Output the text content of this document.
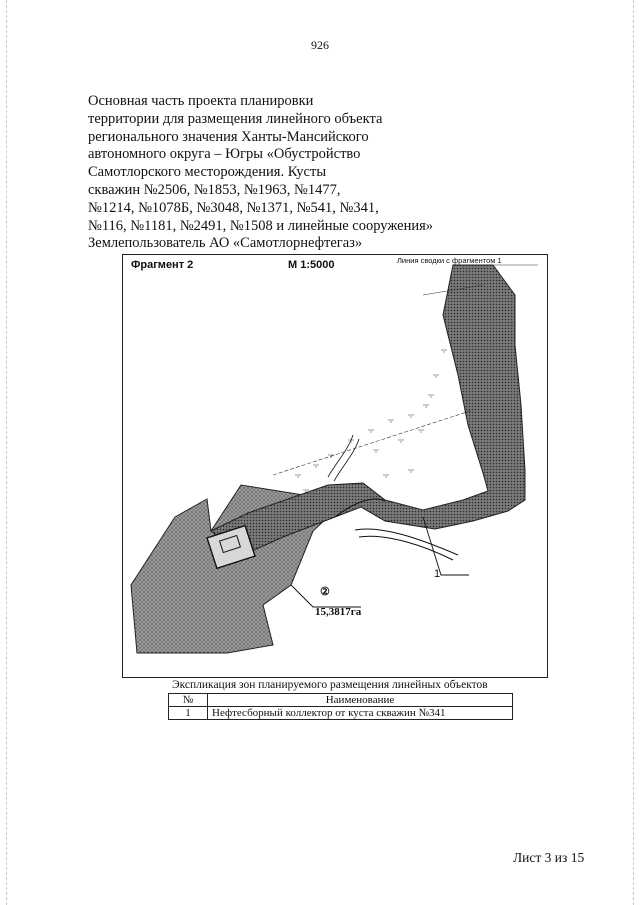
926
Основная часть проекта планировки
территории для размещения линейного объекта
регионального значения Ханты-Мансийского
автономного округа – Югры «Обустройство
Самотлорского месторождения. Кусты
скважин №2506, №1853, №1963, №1477,
№1214, №1078Б, №3048, №1371, №541, №341,
№116, №1181, №2491, №1508 и линейные сооружения»
Землепользователь АО «Самотлорнефтегаз»
Фрагмент 2	М 1:5000	Линия сводки с фрагментом 1
②
15,3817га
1
Экспликация зон планируемого размещения линейных объектов
№	Наименование
1	Нефтесборный коллектор от куста скважин №341
Лист 3 из 15
